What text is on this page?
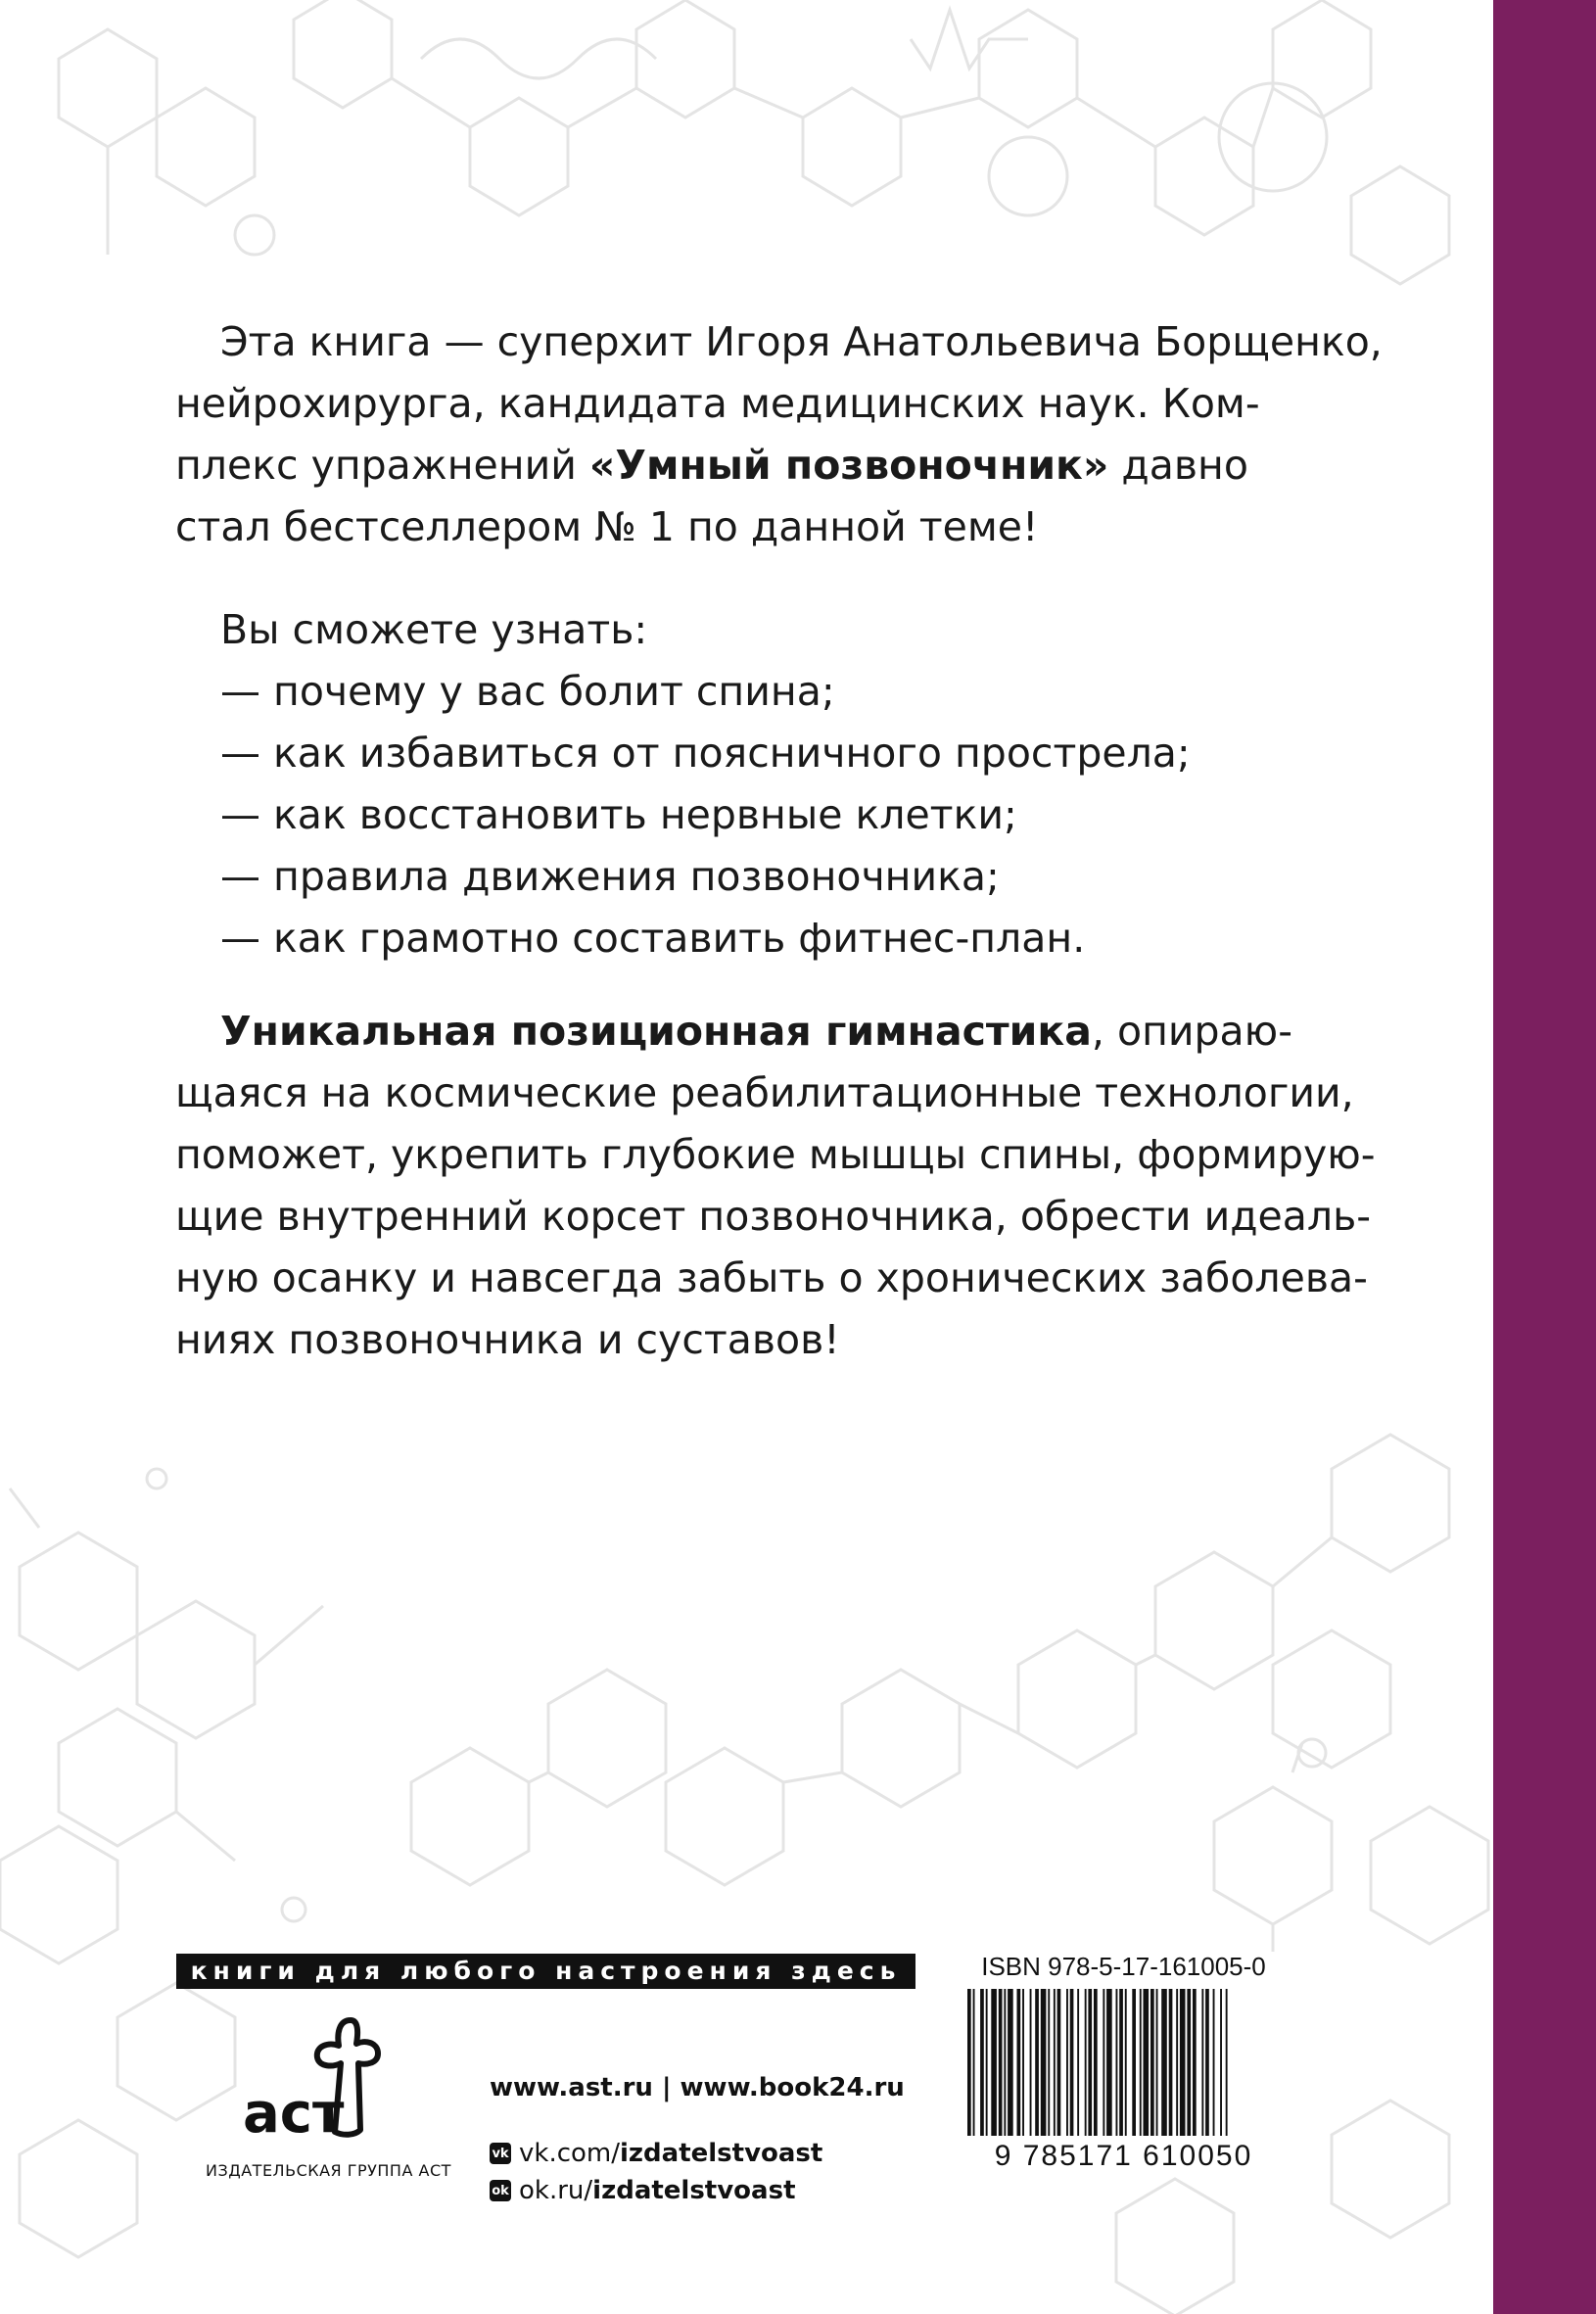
Эта книга — суперхит Игоря Анатольевича Борщенко,
нейрохирурга, кандидата медицинских наук. Ком-
плекс упражнений «Умный позвоночник» давно
стал бестселлером № 1 по данной теме!
Вы сможете узнать:
— почему у вас болит спина;
— как избавиться от поясничного прострела;
— как восстановить нервные клетки;
— правила движения позвоночника;
— как грамотно составить фитнес-план.
Уникальная позиционная гимнастика, опираю-
щаяся на космические реабилитационные технологии,
поможет, укрепить глубокие мышцы спины, формирую-
щие внутренний корсет позвоночника, обрести идеаль-
ную осанку и навсегда забыть о хронических заболева-
ниях позвоночника и суставов!
книги для любого настроения здесь
аст
ИЗДАТЕЛЬСКАЯ ГРУППА АСТ
www.ast.ru | www.book24.ru
vk vk.com/ izdatelstvoast
ok ok.ru/ izdatelstvoast
ISBN 978-5-17-161005-0
9 785171 610050
